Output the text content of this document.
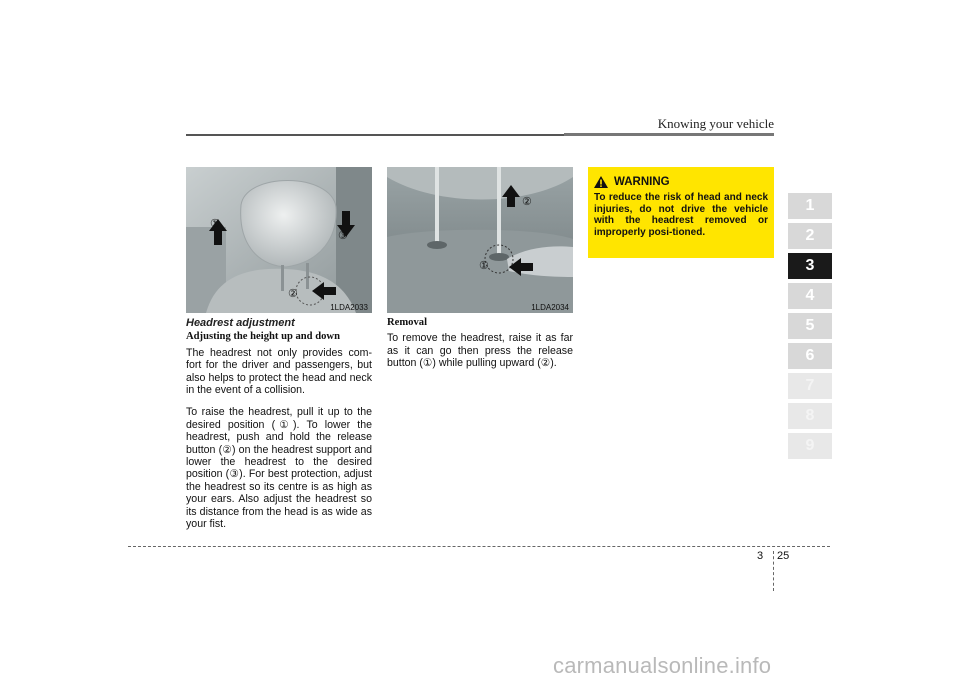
Knowing your vehicle
1
2
3
4
5
6
7
8
9
①
③
②
1LDA2033
②
①
1LDA2034

Headrest adjustment

Adjusting the height up and down

The headrest not only provides com-fort for the driver and passengers, but also helps to protect the head and neck in the event of a collision.

To raise the headrest, pull it up to the desired position (①). To lower the headrest, push and hold the release button (②) on the headrest support and lower the headrest to the desired position (③). For best protection, adjust the headrest so its centre is as high as your ears. Also adjust the headrest so its distance from the head is as wide as your fist.

Removal

To remove the headrest, raise it as far as it can go then press the release button (①) while pulling upward (②).

WARNING
To reduce the risk of head and neck injuries, do not drive the vehicle with the headrest removed or improperly posi-tioned.
3 25
carmanualsonline.info
